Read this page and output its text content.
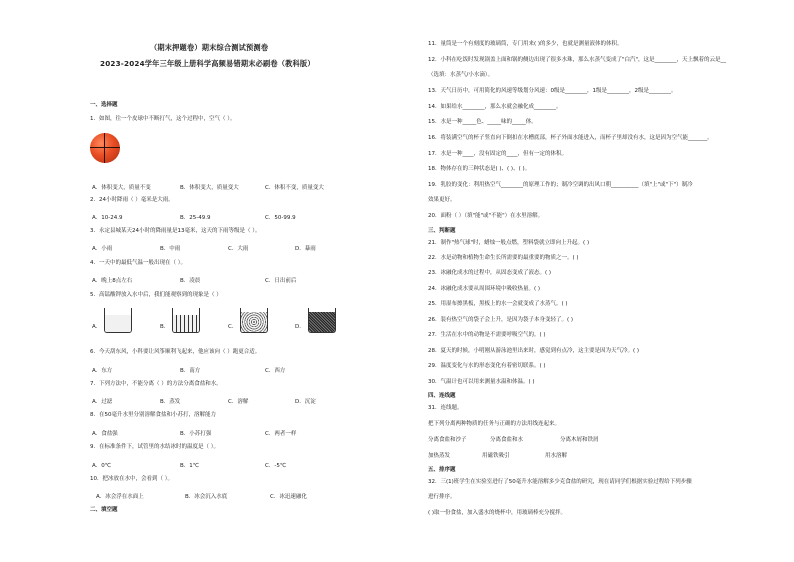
（期末押题卷）期末综合测试预测卷
2023-2024学年三年级上册科学高频易错期末必刷卷（教科版）
一、选择题
1．如图，往一个皮球中不断打气，这个过程中，空气（ ）。
A．体积变大，质量不变	B．体积变大，质量变大	C．体积不变，质量变大
2．24小时降雨（ ）毫米是大雨。
A．10-24.9	B．25-49.9	C．50-99.9
3．永定县城某天24小时的降雨量是13毫米，这天的下雨等级是（ ）。
A．小雨	B．中雨	C．大雨	D．暴雨
4．一天中的最低气温一般出现在（ ）。
A．晚上8点左右	B．凌晨	C．日出前后
5．高锰酸钾放入水中后，我们能观察到的现象是（ ）
A．	B．	C．	D．
6．今天刮东风，小科要让风筝顺利飞起来，他应该向（ ）跑更合适。
A．东方	B．南方	C．西方
7．下列方法中，不能分离（ ）的方法分离食盐和水。
A．过滤	B．蒸发	C．溶解	D．沉淀
8．在50毫升水里分别溶解食盐和小苏打，溶解能力
A．食盐强	B．小苏打强	C．两者一样
9．在标准条件下，试管里的水结冰时的温度是（ ）。
A．0℃	B．1℃	C．-5℃
10．把冰放在水中，会看到（ ）。
A．冰会浮在水面上	B．冰会沉入水底	C．冰迅速融化
二、填空题
11．量筒是一个有刻度的玻璃筒，专门用来( )的多少，也就是测量液体的体积。
12．小科在吃饭时发现锅盖上面和锅的侧边出现了很多水珠，那么水蒸气变成了"白汽"，这是________，天上飘着的云是__
（选填：水蒸气/小水滴）。
13．天气日历中，可用简化的风速等级划分风速：0级是________，1级是________，2级是________。
14．如果给水________，那么水就会融化成________。
15．水是一种_____色、_____味的_____体。
16．将装满空气的杯子竖直向下倒扣在水槽底部，杯子外面水能进入，而杯子里却没有水，这是因为空气能_______。
17．水是一种____，没有固定的____，但有一定的体积。
18．物体存在的三种状态是( )、( )、( )。
19．乳胶的变化：利用热空气________的原理工作的；制冷空调的出风口朝__________（填"上"或"下"）制冷
效果更好。
20．面粉（ ）（填"能"或"不能"）在水里溶解。
三、判断题
21．制作"热气球"时，蜡烛一般点燃，塑料袋就立即向上升起。( )
22．水是动物和植物生命生长所需要的最重要的物质之一。( )
23．冰融化成水的过程中，从固态变成了液态。( )
24．冰融化成水要从周围环境中吸收热量。( )
25．用湿布擦黑板，黑板上的水一会就变成了水蒸气。( )
26．装有热空气的袋子会上升，是因为袋子本身变轻了。( )
27．生活在水中的动物是不需要呼吸空气的。( )
28．夏天的时候，小明刚从游泳池里出来时，感觉到有点冷，这主要是因为天气冷。( )
29．温度变化与水的形态变化有着密切联系。( )
30．气温计也可以用来测量水温和体温。( )
四、连线题
31．连线题。
把下列分离两种物质的任务与正确的方法用线连起来。
分离食盐和沙子	分离食盐和水	分离木屑和铁屑
加热蒸发	用磁铁吸引	用水溶解
五、排序题
32．三(1)班学生在实验室进行了50毫升水能溶解多少克食盐的研究，现在请同学们根据实验过程给下列步骤
进行排序。
( )取一份食盐，加入盛水的烧杯中，用玻璃棒充分搅拌。
